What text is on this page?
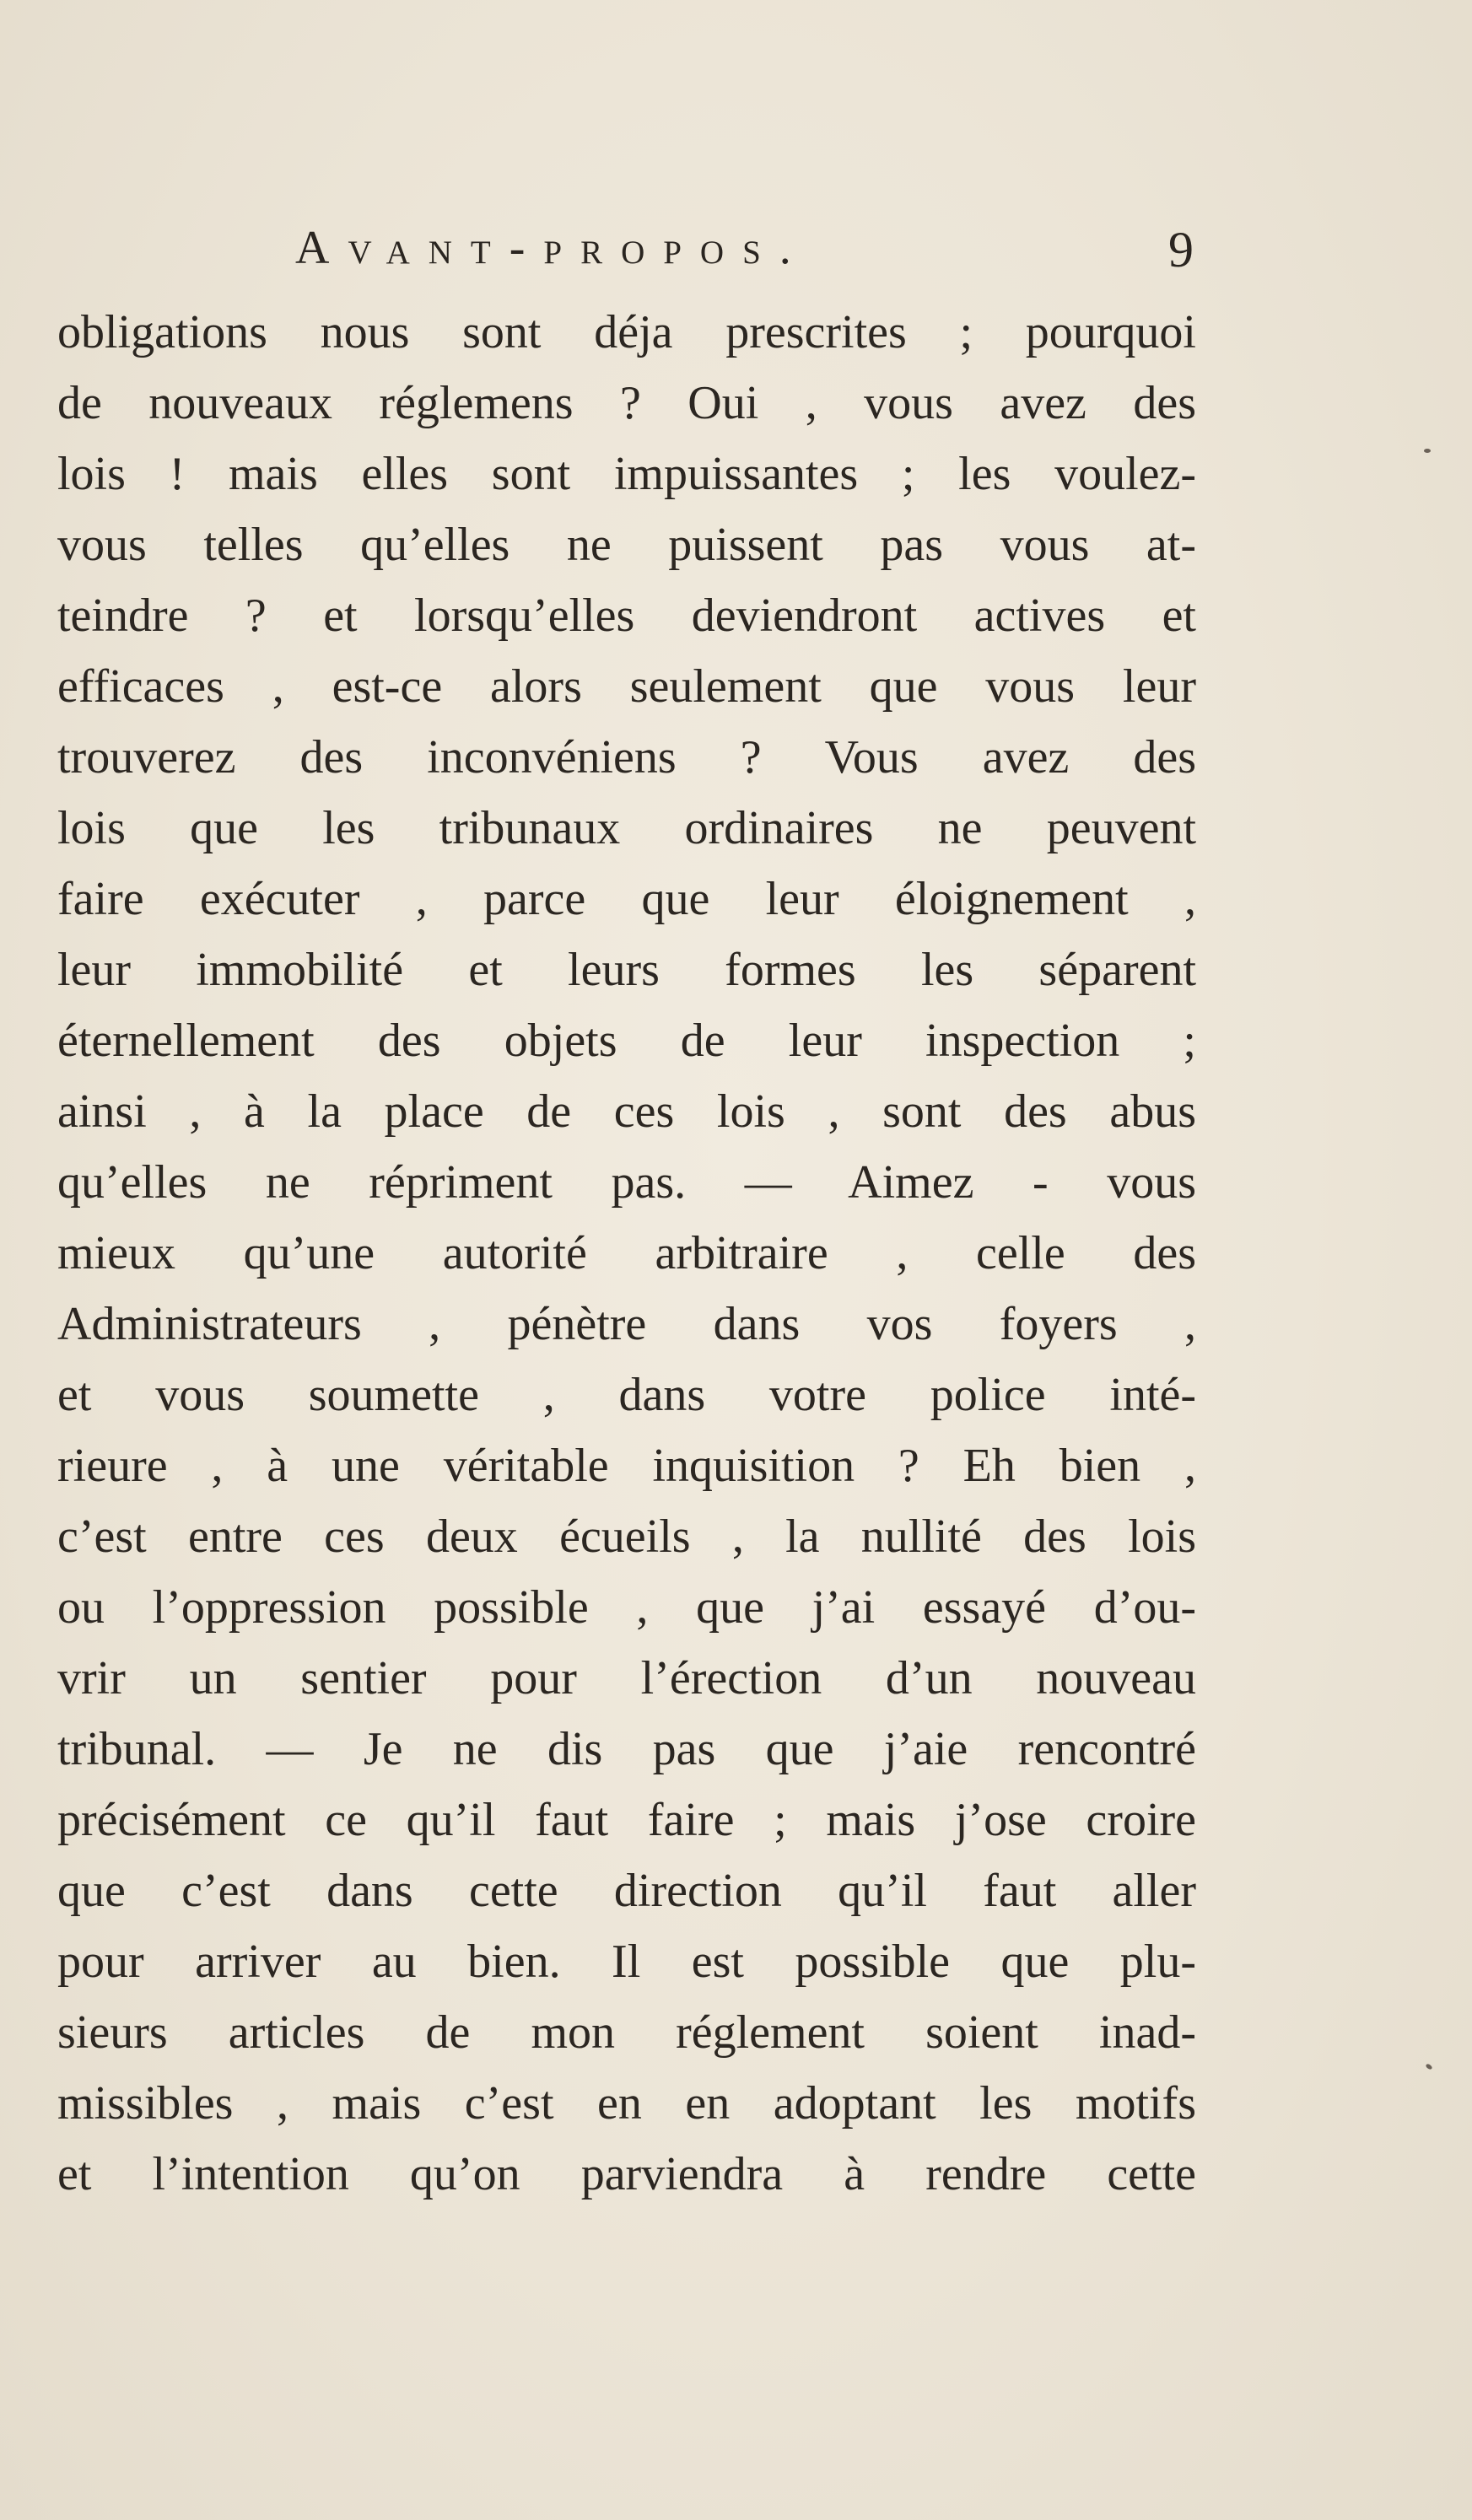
Avant-propos.	9
obligations nous sont déja prescrites ; pourquoi
de nouveaux réglemens ? Oui , vous avez des
lois ! mais elles sont impuissantes ; les voulez-
vous telles qu’elles ne puissent pas vous at-
teindre ? et lorsqu’elles deviendront actives et
efficaces , est-ce alors seulement que vous leur
trouverez des inconvéniens ? Vous avez des
lois que les tribunaux ordinaires ne peuvent
faire exécuter , parce que leur éloignement ,
leur immobilité et leurs formes les séparent
éternellement des objets de leur inspection ;
ainsi , à la place de ces lois , sont des abus
qu’elles ne répriment pas. — Aimez - vous
mieux qu’une autorité arbitraire , celle des
Administrateurs , pénètre dans vos foyers ,
et vous soumette , dans votre police inté-
rieure , à une véritable inquisition ? Eh bien ,
c’est entre ces deux écueils , la nullité des lois
ou l’oppression possible , que j’ai essayé d’ou-
vrir un sentier pour l’érection d’un nouveau
tribunal. — Je ne dis pas que j’aie rencontré
précisément ce qu’il faut faire ; mais j’ose croire
que c’est dans cette direction qu’il faut aller
pour arriver au bien. Il est possible que plu-
sieurs articles de mon réglement soient inad-
missibles , mais c’est en en adoptant les motifs
et l’intention qu’on parviendra à rendre cette
